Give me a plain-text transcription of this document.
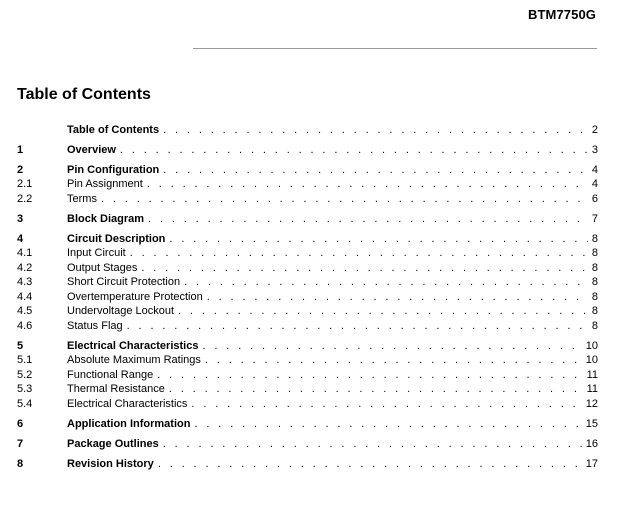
BTM7750G
Table of Contents
Table of Contents . . .	2
1	Overview . . .	3
2	Pin Configuration . . .	4
2.1	Pin Assignment . . .	4
2.2	Terms . . .	6
3	Block Diagram . . .	7
4	Circuit Description . . .	8
4.1	Input Circuit . . .	8
4.2	Output Stages . . .	8
4.3	Short Circuit Protection . . .	8
4.4	Overtemperature Protection . . .	8
4.5	Undervoltage Lockout . . .	8
4.6	Status Flag . . .	8
5	Electrical Characteristics . . .	10
5.1	Absolute Maximum Ratings . . .	10
5.2	Functional Range . . .	11
5.3	Thermal Resistance . . .	11
5.4	Electrical Characteristics . . .	12
6	Application Information . . .	15
7	Package Outlines . . .	16
8	Revision History . . .	17
